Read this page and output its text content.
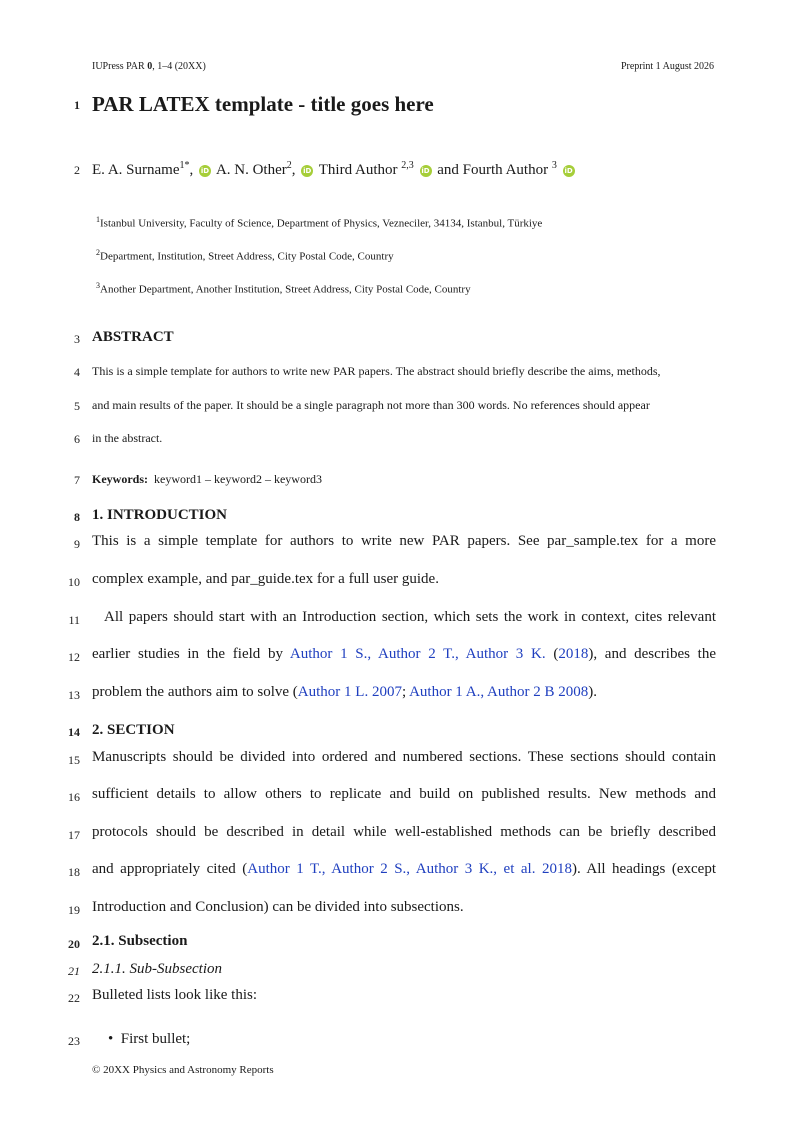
IUPress PAR 0, 1–4 (20XX)	Preprint 1 August 2026
1 PAR LATEX template - title goes here
2 E. A. Surname$^{1*}$, iD A. N. Other$^2$, iD Third Author $^{2,3}$ iD and Fourth Author $^3$ iD
$^1$Istanbul University, Faculty of Science, Department of Physics, Vezneciler, 34134, Istanbul, Türkiye
$^2$Department, Institution, Street Address, City Postal Code, Country
$^3$Another Department, Another Institution, Street Address, City Postal Code, Country
3 ABSTRACT
4 This is a simple template for authors to write new PAR papers. The abstract should briefly describe the aims, methods,
5 and main results of the paper. It should be a single paragraph not more than 300 words. No references should appear
6 in the abstract.
7 Keywords: keyword1 – keyword2 – keyword3
8 1. INTRODUCTION
9 This is a simple template for authors to write new PAR papers. See par_sample.tex for a more
10 complex example, and par_guide.tex for a full user guide.
11 All papers should start with an Introduction section, which sets the work in context, cites relevant
12 earlier studies in the field by Author 1 S., Author 2 T., Author 3 K. (2018), and describes the
13 problem the authors aim to solve (Author 1 L. 2007; Author 1 A., Author 2 B 2008).
14 2. SECTION
15 Manuscripts should be divided into ordered and numbered sections. These sections should contain
16 sufficient details to allow others to replicate and build on published results. New methods and
17 protocols should be described in detail while well-established methods can be briefly described
18 and appropriately cited (Author 1 T., Author 2 S., Author 3 K., et al. 2018). All headings (except
19 Introduction and Conclusion) can be divided into subsections.
20 2.1. Subsection
21 2.1.1. Sub-Subsection
22 Bulleted lists look like this:
23 • First bullet;
© 20XX Physics and Astronomy Reports
